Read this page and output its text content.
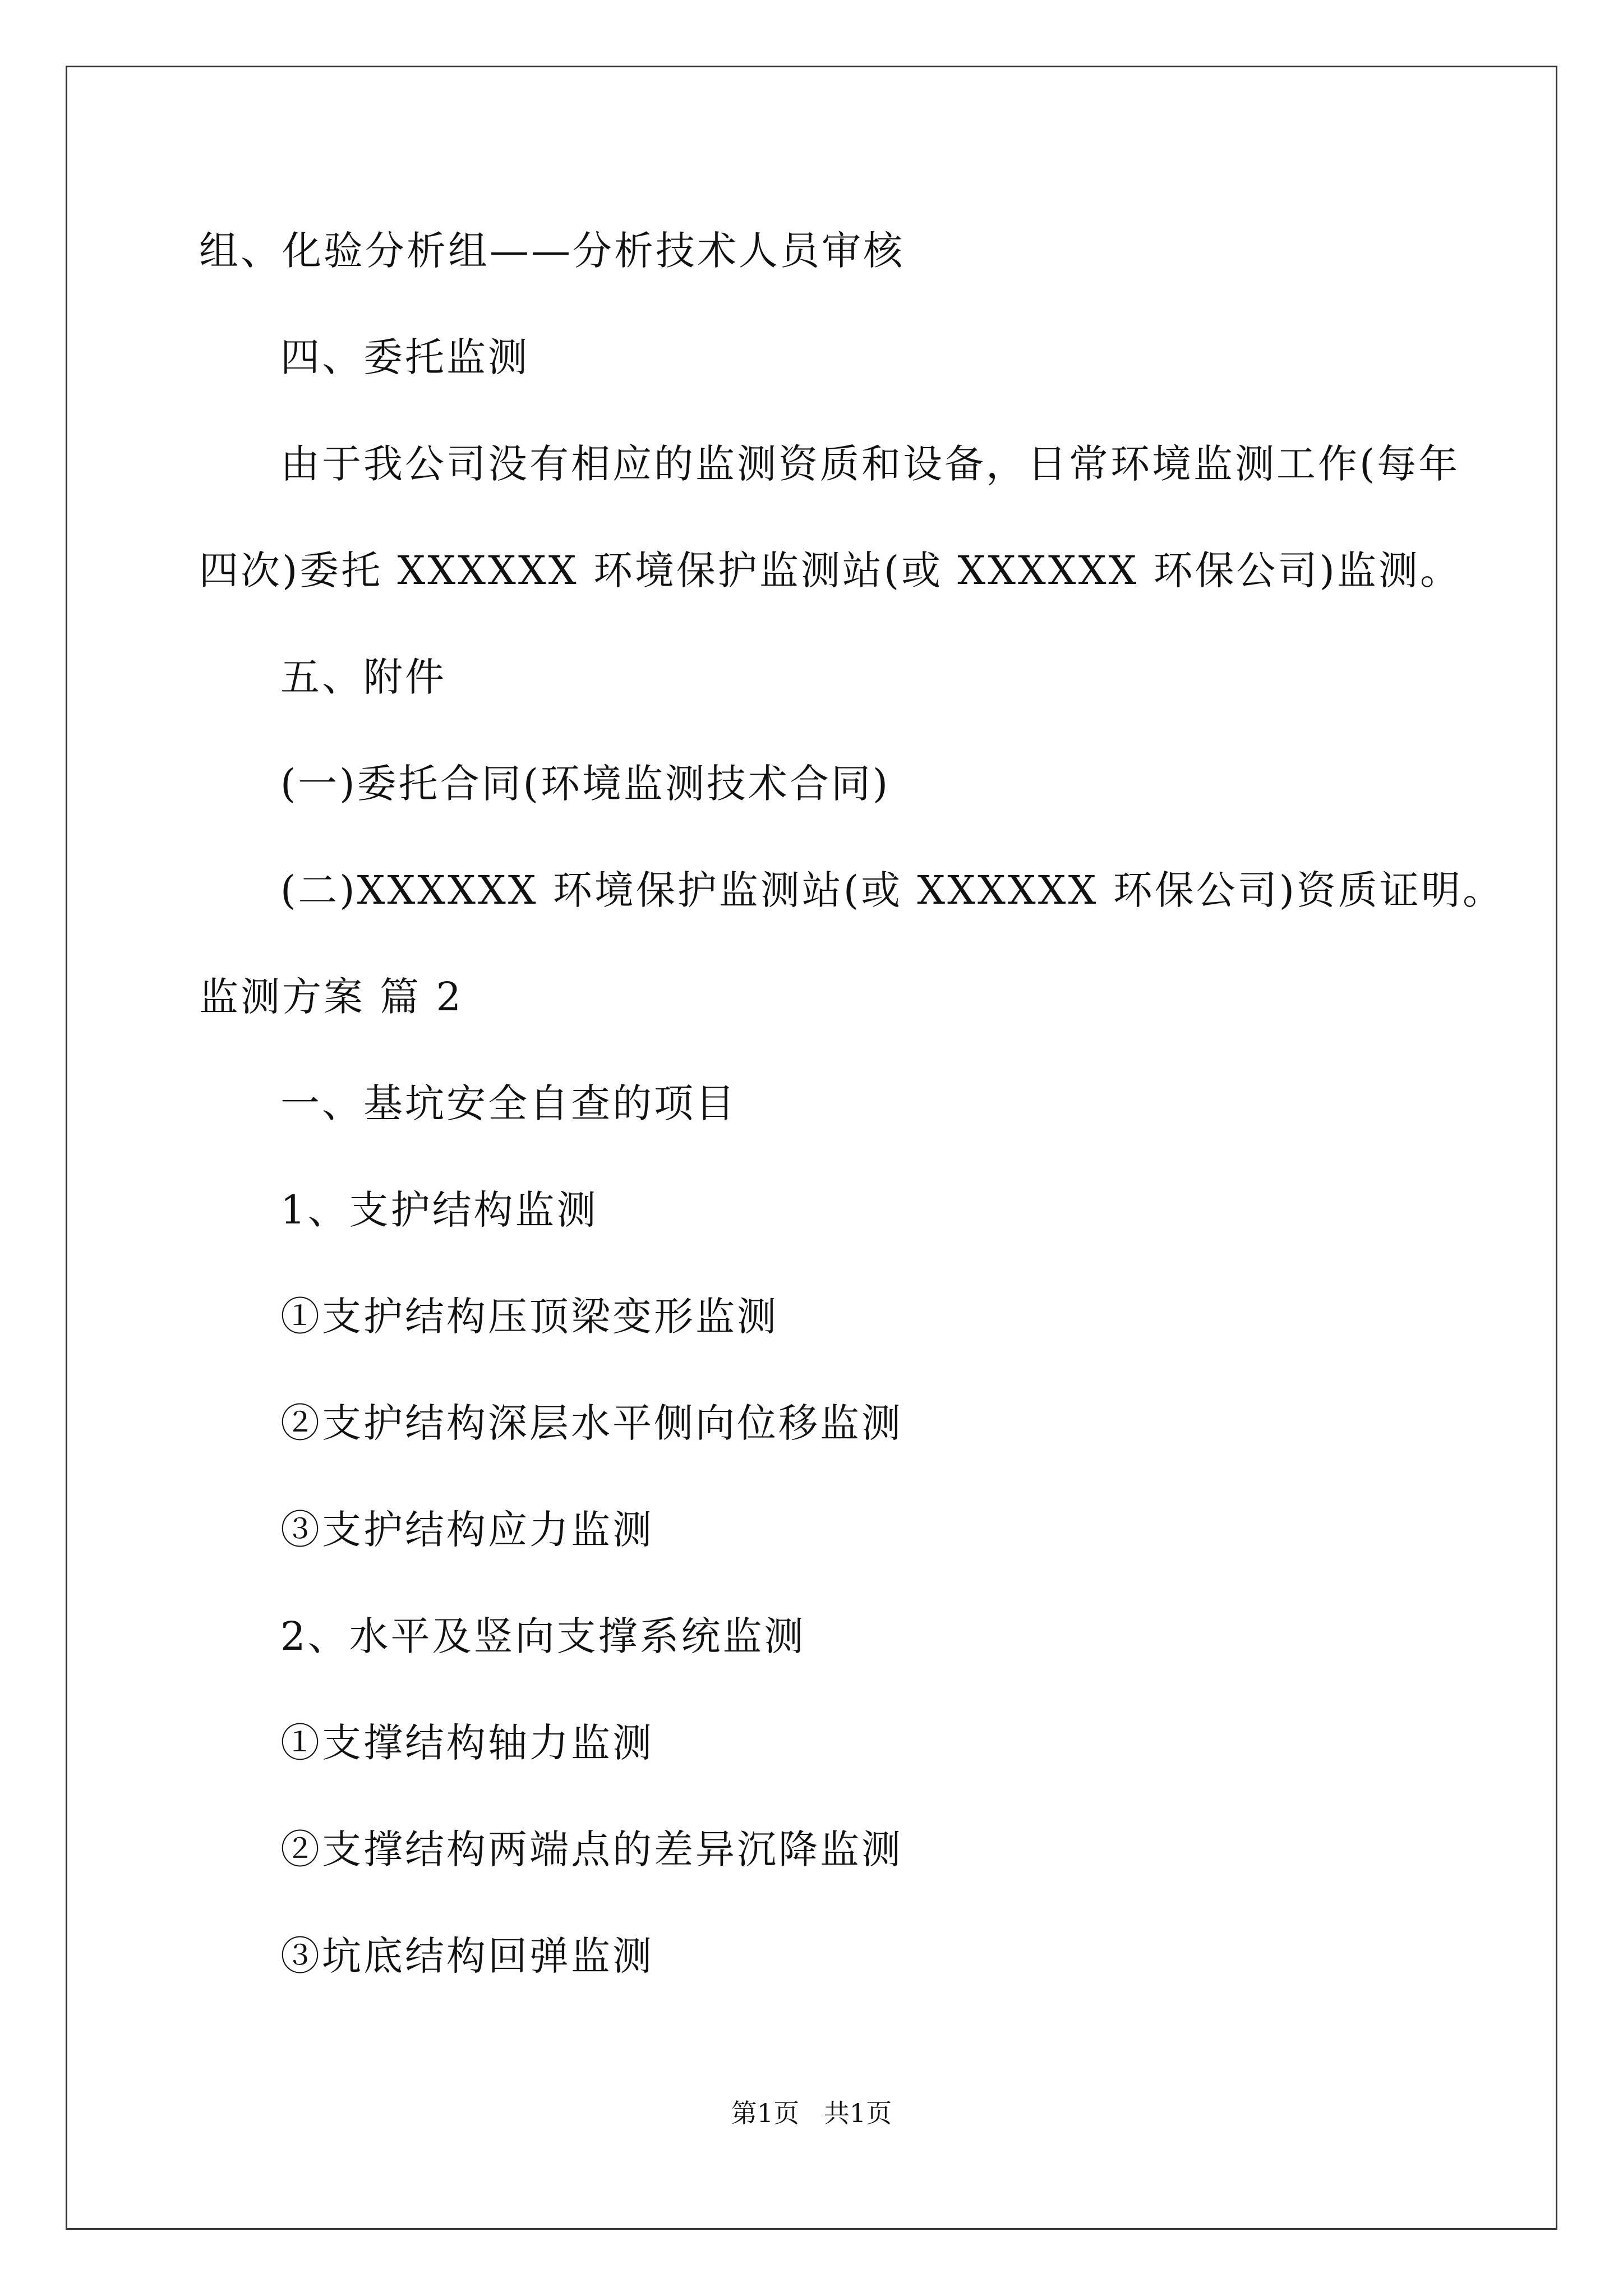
组、化验分析组——分析技术人员审核
四、委托监测
由于我公司没有相应的监测资质和设备，日常环境监测工作(每年
四次)委托 XXXXXX 环境保护监测站(或 XXXXXX 环保公司)监测。
五、附件
(一)委托合同(环境监测技术合同)
(二)XXXXXX 环境保护监测站(或 XXXXXX 环保公司)资质证明。
监测方案 篇 2
一、基坑安全自查的项目
1、支护结构监测
①支护结构压顶梁变形监测
②支护结构深层水平侧向位移监测
③支护结构应力监测
2、水平及竖向支撑系统监测
①支撑结构轴力监测
②支撑结构两端点的差异沉降监测
③坑底结构回弹监测
第1页   共1页
